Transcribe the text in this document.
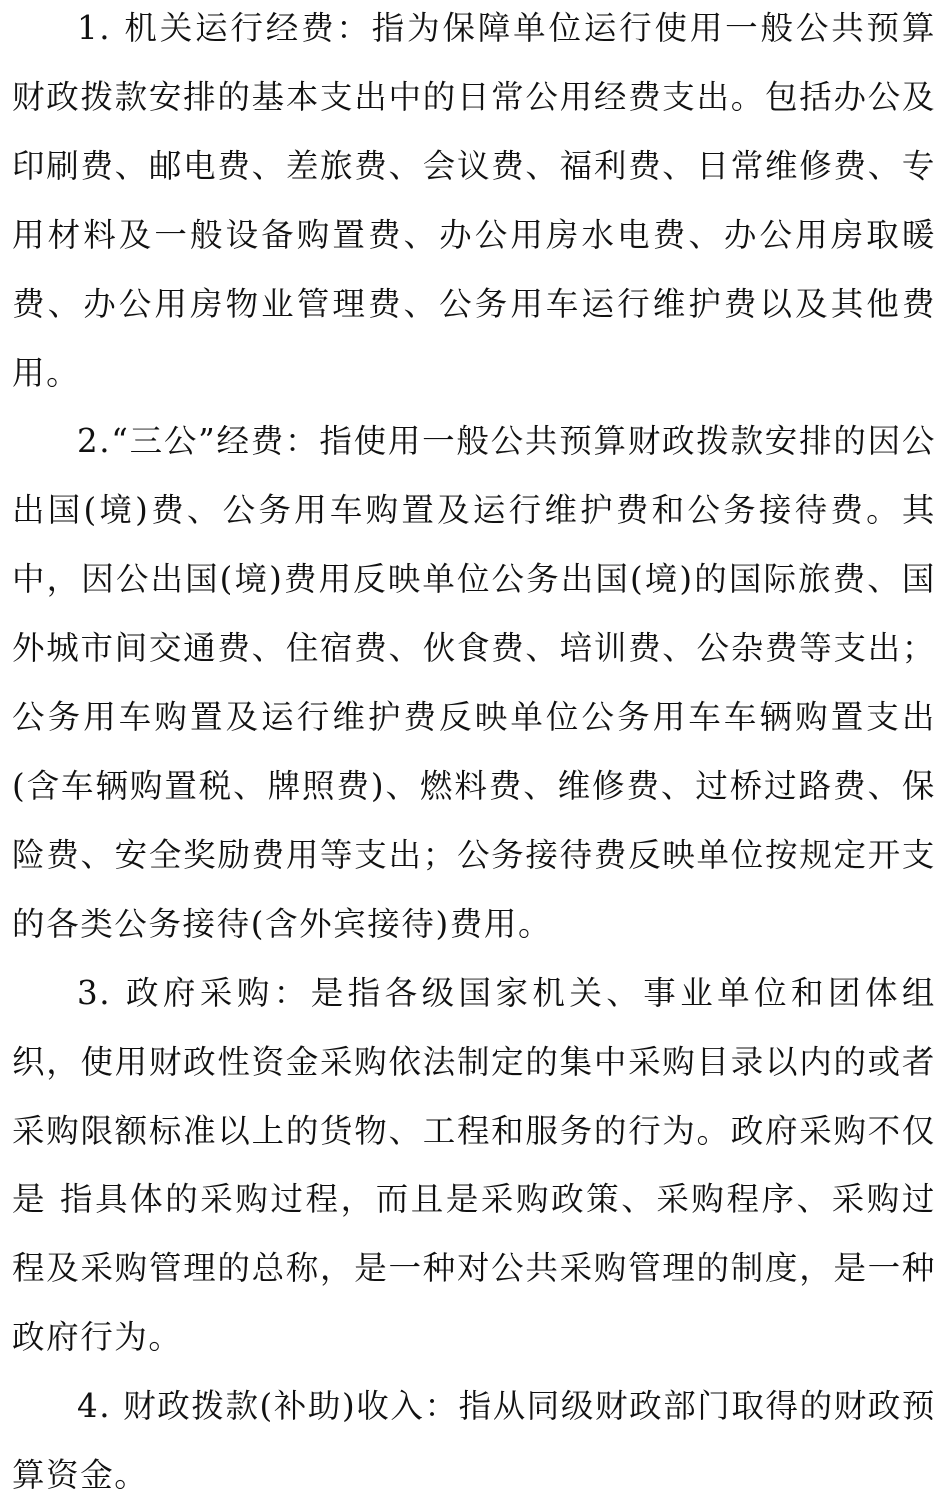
1. 机关运行经费：指为保障单位运行使用一般公共预算财政拨款安排的基本支出中的日常公用经费支出。包括办公及印刷费、邮电费、差旅费、会议费、福利费、日常维修费、专 用材料及一般设备购置费、办公用房水电费、办公用房取暖费、办公用房物业管理费、公务用车运行维护费以及其他费用。

2.“三公”经费：指使用一般公共预算财政拨款安排的因公出国(境)费、公务用车购置及运行维护费和公务接待费。其中，因公出国(境)费用反映单位公务出国(境)的国际旅费、国外城市间交通费、住宿费、伙食费、培训费、公杂费等支出；公务用车购置及运行维护费反映单位公务用车车辆购置支出(含车辆购置税、牌照费)、燃料费、维修费、过桥过路费、保险费、安全奖励费用等支出；公务接待费反映单位按规定开支的各类公务接待(含外宾接待)费用。

3. 政府采购：是指各级国家机关、事业单位和团体组织，使用财政性资金采购依法制定的集中采购目录以内的或者采购限额标准以上的货物、工程和服务的行为。政府采购不仅是 指具体的采购过程，而且是采购政策、采购程序、采购过程及采购管理的总称，是一种对公共采购管理的制度，是一种政府行为。

4. 财政拨款(补助)收入：指从同级财政部门取得的财政预算资金。
